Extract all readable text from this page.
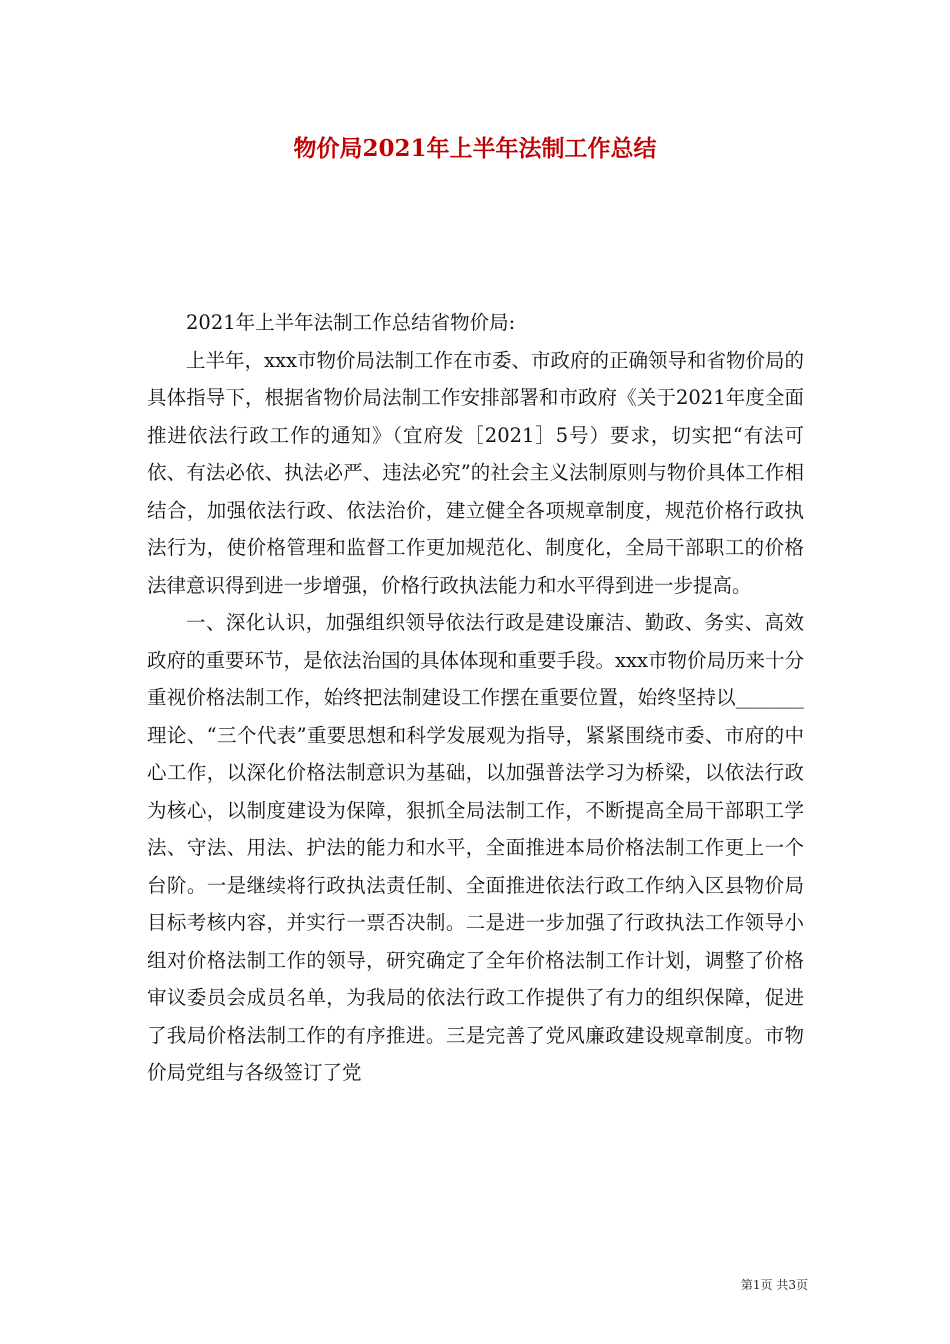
物价局2021年上半年法制工作总结

2021年上半年法制工作总结省物价局:

上半年，xxx市物价局法制工作在市委、市政府的正确领导和省物价局的具体指导下，根据省物价局法制工作安排部署和市政府《关于2021年度全面推进依法行政工作的通知》（宜府发［2021］5号）要求，切实把“有法可依、有法必依、执法必严、违法必究”的社会主义法制原则与物价具体工作相结合，加强依法行政、依法治价，建立健全各项规章制度，规范价格行政执法行为，使价格管理和监督工作更加规范化、制度化，全局干部职工的价格法律意识得到进一步增强，价格行政执法能力和水平得到进一步提高。

一、深化认识，加强组织领导依法行政是建设廉洁、勤政、务实、高效政府的重要环节，是依法治国的具体体现和重要手段。xxx市物价局历来十分重视价格法制工作，始终把法制建设工作摆在重要位置，始终坚持以_______理论、“三个代表”重要思想和科学发展观为指导，紧紧围绕市委、市府的中心工作，以深化价格法制意识为基础，以加强普法学习为桥梁，以依法行政为核心，以制度建设为保障，狠抓全局法制工作，不断提高全局干部职工学法、守法、用法、护法的能力和水平，全面推进本局价格法制工作更上一个台阶。一是继续将行政执法责任制、全面推进依法行政工作纳入区县物价局目标考核内容，并实行一票否决制。二是进一步加强了行政执法工作领导小组对价格法制工作的领导，研究确定了全年价格法制工作计划，调整了价格审议委员会成员名单，为我局的依法行政工作提供了有力的组织保障，促进了我局价格法制工作的有序推进。三是完善了党风廉政建设规章制度。市物价局党组与各级签订了党

第1页 共3页
